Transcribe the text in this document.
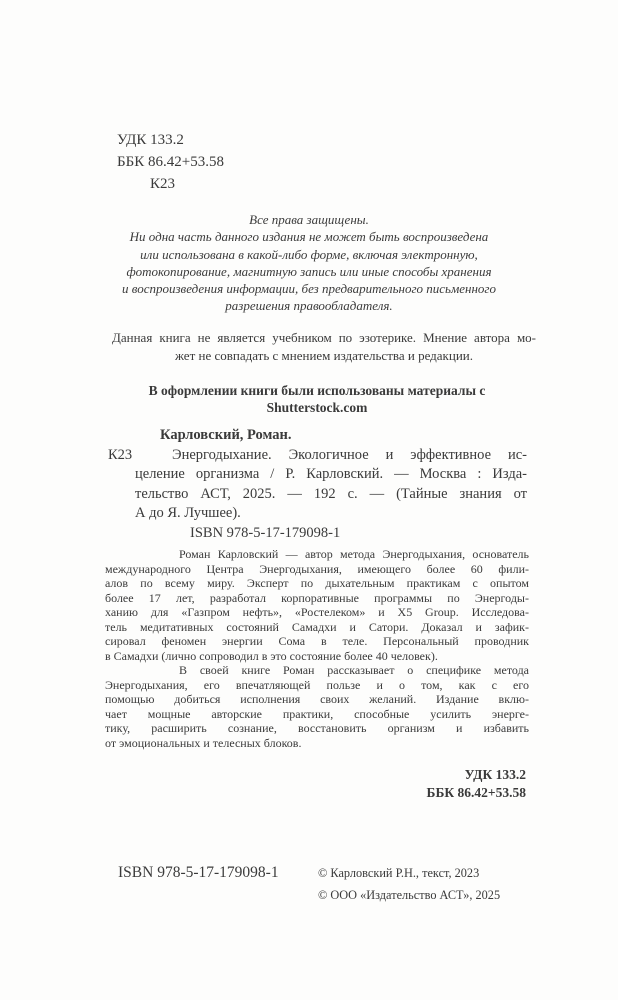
УДК 133.2
ББК 86.42+53.58
К23
Все права защищены.
Ни одна часть данного издания не может быть воспроизведена
или использована в какой-либо форме, включая электронную,
фотокопирование, магнитную запись или иные способы хранения
и воспроизведения информации, без предварительного письменного
разрешения правообладателя.
Данная книга не является учебником по эзотерике. Мнение автора мо-
жет не совпадать с мнением издательства и редакции.
В оформлении книги были использованы материалы с Shutterstock.com
К23
Карловский, Роман.
Энергодыхание. Экологичное и эффективное ис-
целение организма / Р. Карловский. — Москва : Изда-
тельство АСТ, 2025. — 192 с. — (Тайные знания от
А до Я. Лучшее).
ISBN 978-5-17-179098-1
Роман Карловский — автор метода Энергодыхания, основатель
международного Центра Энергодыхания, имеющего более 60 фили-
алов по всему миру. Эксперт по дыхательным практикам с опытом
более 17 лет, разработал корпоративные программы по Энергоды-
ханию для «Газпром нефть», «Ростелеком» и X5 Group. Исследова-
тель медитативных состояний Самадхи и Сатори. Доказал и зафик-
сировал феномен энергии Сома в теле. Персональный проводник
в Самадхи (лично сопроводил в это состояние более 40 человек).
В своей книге Роман рассказывает о специфике метода
Энергодыхания, его впечатляющей пользе и о том, как с его
помощью добиться исполнения своих желаний. Издание вклю-
чает мощные авторские практики, способные усилить энерге-
тику, расширить сознание, восстановить организм и избавить
от эмоциональных и телесных блоков.
УДК 133.2
ББК 86.42+53.58
ISBN 978-5-17-179098-1	© Карловский Р.Н., текст, 2023
© ООО «Издательство АСТ», 2025
